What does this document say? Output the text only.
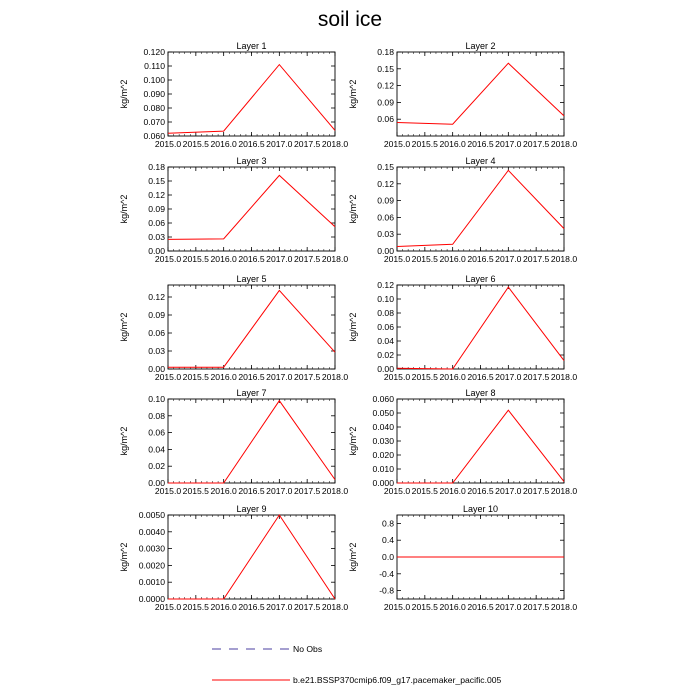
soil ice
Layer 1
kg/m^2
2015.0 2015.5 2016.0 2016.5 2017.0 2017.5 2018.0
0.060
0.070
0.080
0.090
0.100
0.110
0.120
Layer 2
kg/m^2
2015.0 2015.5 2016.0 2016.5 2017.0 2017.5 2018.0
0.06
0.09
0.12
0.15
0.18
Layer 3
kg/m^2
2015.0 2015.5 2016.0 2016.5 2017.0 2017.5 2018.0
0.00
0.03
0.06
0.09
0.12
0.15
0.18
Layer 4
kg/m^2
2015.0 2015.5 2016.0 2016.5 2017.0 2017.5 2018.0
0.00
0.03
0.06
0.09
0.12
0.15
Layer 5
kg/m^2
2015.0 2015.5 2016.0 2016.5 2017.0 2017.5 2018.0
0.00
0.03
0.06
0.09
0.12
Layer 6
kg/m^2
2015.0 2015.5 2016.0 2016.5 2017.0 2017.5 2018.0
0.00
0.02
0.04
0.06
0.08
0.10
0.12
Layer 7
kg/m^2
2015.0 2015.5 2016.0 2016.5 2017.0 2017.5 2018.0
0.00
0.02
0.04
0.06
0.08
0.10
Layer 8
kg/m^2
2015.0 2015.5 2016.0 2016.5 2017.0 2017.5 2018.0
0.000
0.010
0.020
0.030
0.040
0.050
0.060
Layer 9
kg/m^2
2015.0 2015.5 2016.0 2016.5 2017.0 2017.5 2018.0
0.0000
0.0010
0.0020
0.0030
0.0040
0.0050
Layer 10
kg/m^2
2015.0 2015.5 2016.0 2016.5 2017.0 2017.5 2018.0
-0.8
-0.4
0.0
0.4
0.8
No Obs
b.e21.BSSP370cmip6.f09_g17.pacemaker_pacific.005
